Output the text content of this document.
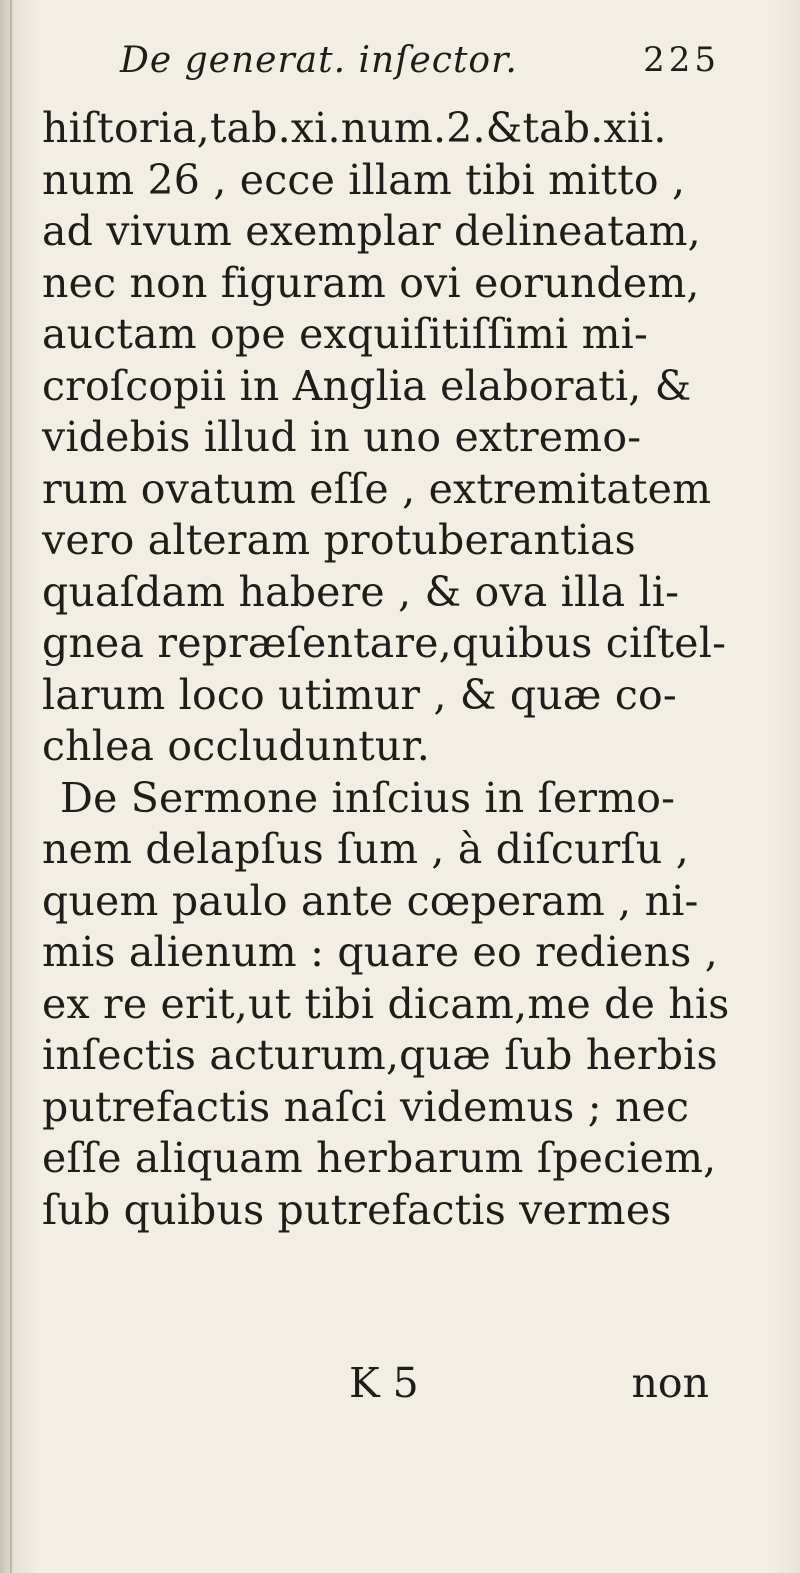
De generat. inſector.	225
hiſtoria,tab.xi.num.2.&tab.xii.
num 26 , ecce illam tibi mitto ,
ad vivum exemplar delineatam,
nec non figuram ovi eorundem,
auctam ope exquiſitiſſimi mi-
croſcopii in Anglia elaborati, &
videbis illud in uno extremo-
rum ovatum eſſe , extremitatem
vero alteram protuberantias
quaſdam habere , & ova illa li-
gnea repræſentare,quibus ciſtel-
larum loco utimur , & quæ co-
chlea occluduntur.
De Sermone inſcius in ſermo-
nem delapſus ſum , à diſcurſu ,
quem paulo ante cœperam , ni-
mis alienum : quare eo rediens ,
ex re erit,ut tibi dicam,me de his
inſectis acturum,quæ ſub herbis
putrefactis naſci videmus ; nec
eſſe aliquam herbarum ſpeciem,
ſub quibus putrefactis vermes
K 5	non
